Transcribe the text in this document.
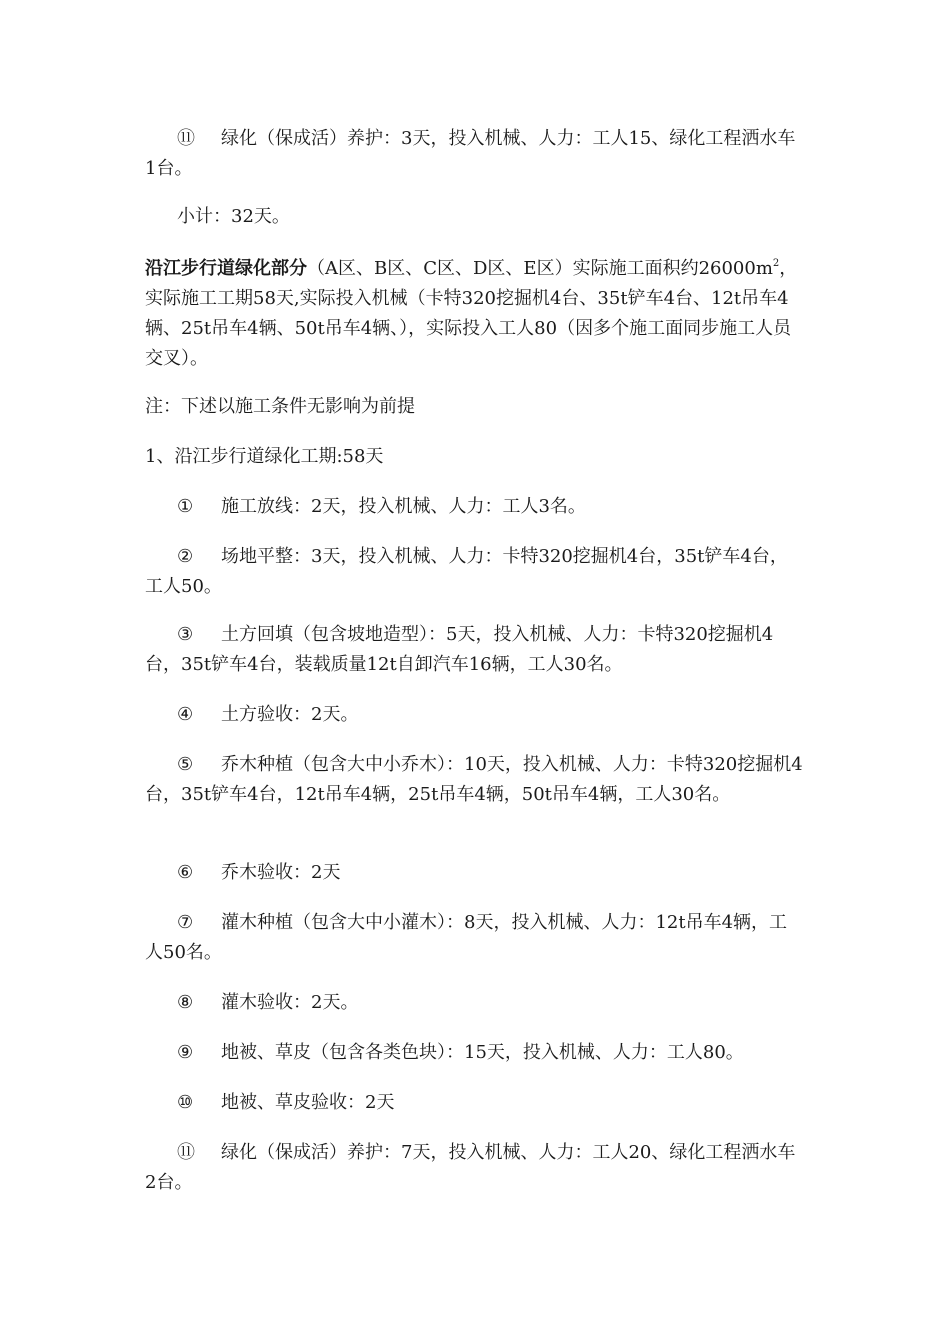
⑪ 绿化（保成活）养护：3天，投入机械、人力：工人15、绿化工程洒水车1台。

小计：32天。

沿江步行道绿化部分（A区、B区、C区、D区、E区）实际施工面积约$26000m^2$，实际施工工期58天,实际投入机械（卡特320挖掘机4台、35t铲车4台、12t吊车4辆、25t吊车4辆、50t吊车4辆、），实际投入工人80（因多个施工面同步施工人员交叉）。

注：下述以施工条件无影响为前提

1、沿江步行道绿化工期:58天

① 施工放线：2天，投入机械、人力：工人3名。

② 场地平整：3天，投入机械、人力：卡特320挖掘机4台，35t铲车4台，工人50。

③ 土方回填（包含坡地造型）：5天，投入机械、人力：卡特320挖掘机4台，35t铲车4台，装载质量12t自卸汽车16辆，工人30名。

④ 土方验收：2天。

⑤ 乔木种植（包含大中小乔木）：10天，投入机械、人力：卡特320挖掘机4台，35t铲车4台，12t吊车4辆，25t吊车4辆，50t吊车4辆，工人30名。

⑥ 乔木验收：2天

⑦ 灌木种植（包含大中小灌木）：8天，投入机械、人力：12t吊车4辆，工人50名。

⑧ 灌木验收：2天。

⑨ 地被、草皮（包含各类色块）：15天，投入机械、人力：工人80。

⑩ 地被、草皮验收：2天

⑪ 绿化（保成活）养护：7天，投入机械、人力：工人20、绿化工程洒水车2台。
